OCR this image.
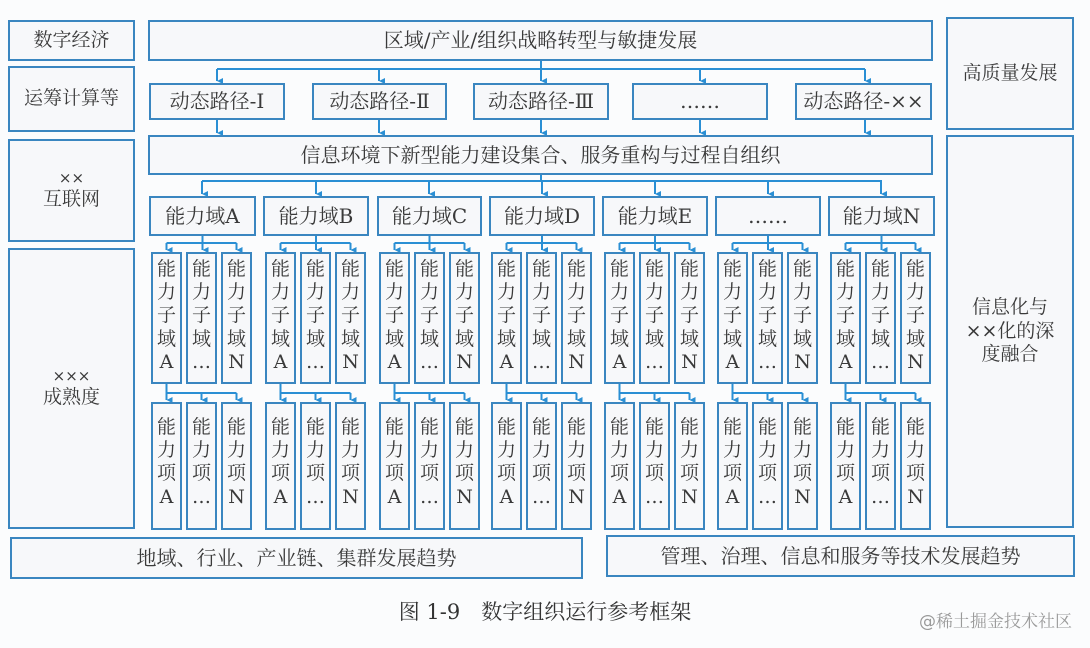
数字经济
运筹计算等
××
互联网
×××
成熟度
高质量发展
信息化与
××化的深
度融合
区域/产业/组织战略转型与敏捷发展
动态路径-Ⅰ	动态路径-Ⅱ	动态路径-Ⅲ	……	动态路径-××
信息环境下新型能力建设集合、服务重构与过程自组织
能力域A
能
力
子
域
A
能
力
项
A
能
力
子
域
…
能
力
项
…
能
力
子
域
N
能
力
项
N
能力域B
能
力
子
域
A
能
力
项
A
能
力
子
域
…
能
力
项
…
能
力
子
域
N
能
力
项
N
能力域C
能
力
子
域
A
能
力
项
A
能
力
子
域
…
能
力
项
…
能
力
子
域
N
能
力
项
N
能力域D
能
力
子
域
A
能
力
项
A
能
力
子
域
…
能
力
项
…
能
力
子
域
N
能
力
项
N
能力域E
能
力
子
域
A
能
力
项
A
能
力
子
域
…
能
力
项
…
能
力
子
域
N
能
力
项
N
……
能
力
子
域
A
能
力
项
A
能
力
子
域
…
能
力
项
…
能
力
子
域
N
能
力
项
N
能力域N
能
力
子
域
A
能
力
项
A
能
力
子
域
…
能
力
项
…
能
力
子
域
N
能
力
项
N
地域、行业、产业链、集群发展趋势	管理、治理、信息和服务等技术发展趋势
图 1-9　数字组织运行参考框架	@稀土掘金技术社区
